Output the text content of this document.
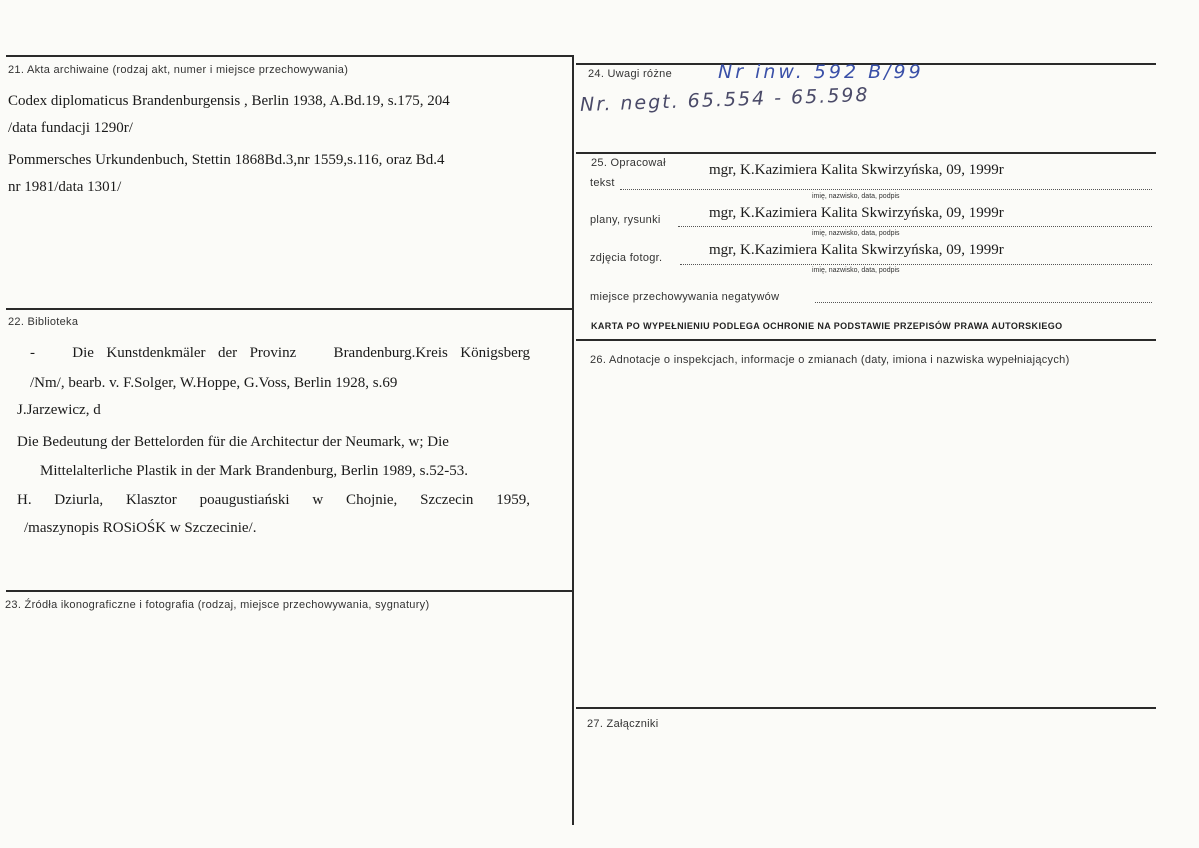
21. Akta archiwaine (rodzaj akt, numer i miejsce przechowywania)
Codex diplomaticus Brandenburgensis , Berlin 1938, A.Bd.19, s.175, 204
/data fundacji 1290r/
Pommersches Urkundenbuch, Stettin 1868Bd.3,nr 1559,s.116, oraz Bd.4
nr 1981/data 1301/
22. Biblioteka
-   Die Kunstdenkmäler der Provinz   Brandenburg.Kreis Königsberg
/Nm/, bearb. v. F.Solger, W.Hoppe, G.Voss, Berlin 1928, s.69
J.Jarzewicz, d
Die Bedeutung der Bettelorden für die Architectur der Neumark, w; Die
Mittelalterliche Plastik in der Mark Brandenburg, Berlin 1989, s.52-53.
H.  Dziurla,  Klasztor  poaugustiański  w  Chojnie,  Szczecin  1959,
/maszynopis ROSiOŚK w Szczecinie/.
23. Źródła ikonograficzne i fotografia (rodzaj, miejsce przechowywania, sygnatury)
24. Uwagi różne Nr inw. 592 B/99
Nr. negt. 65.554 - 65.598
25. Opracował
tekst
mgr, K.Kazimiera Kalita Skwirzyńska, 09, 1999r
imię, nazwisko, data, podpis
plany, rysunki	mgr, K.Kazimiera Kalita Skwirzyńska, 09, 1999r
imię, nazwisko, data, podpis
zdjęcia fotogr.	mgr, K.Kazimiera Kalita Skwirzyńska, 09, 1999r
imię, nazwisko, data, podpis
miejsce przechowywania negatywów
KARTA PO WYPEŁNIENIU PODLEGA OCHRONIE NA PODSTAWIE PRZEPISÓW PRAWA AUTORSKIEGO
26. Adnotacje o inspekcjach, informacje o zmianach (daty, imiona i nazwiska wypełniających)
27. Załączniki
